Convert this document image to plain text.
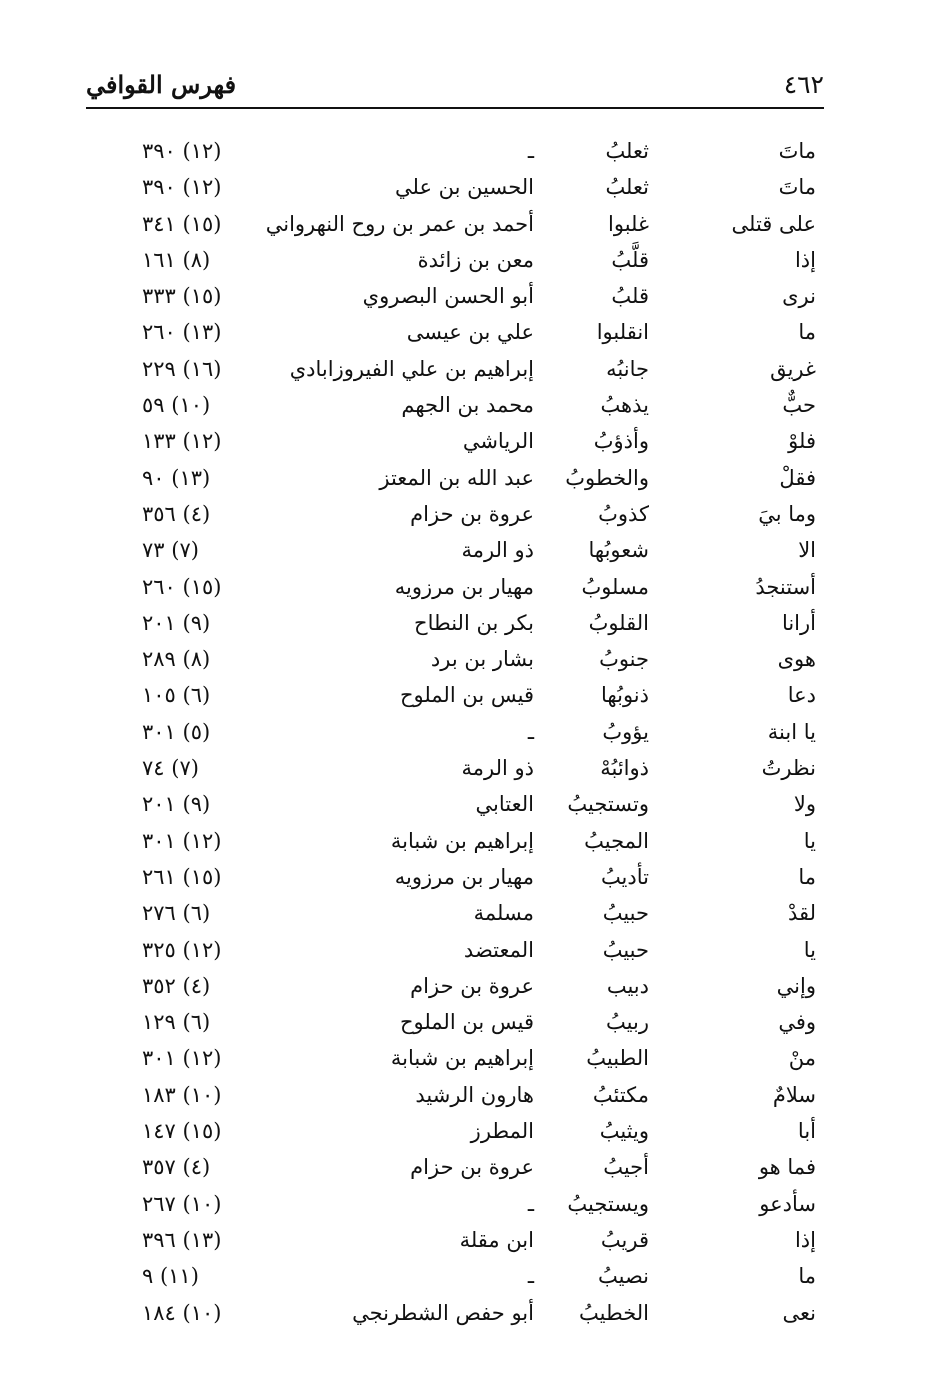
٤٦٢
فهرس القوافي
ماتَ
ثعلبُ
ـ
(١٢) ٣٩٠
ماتَ
ثعلبُ
الحسين بن علي
(١٢) ٣٩٠
على قتلى
غلبوا
أحمد بن عمر بن روح النهرواني
(١٥) ٣٤١
إذا
قلَّبُ
معن بن زائدة
(٨) ١٦١
نرى
قلبُ
أبو الحسن البصروي
(١٥) ٣٣٣
ما
انقلبوا
علي بن عيسى
(١٣) ٢٦٠
غريق
جانبُه
إبراهيم بن علي الفيروزابادي
(١٦) ٢٢٩
حبٌّ
يذهبُ
محمد بن الجهم
(١٠) ٥٩
فلوْ
وأذؤبُ
الرياشي
(١٢) ١٣٣
فقلْ
والخطوبُ
عبد الله بن المعتز
(١٣) ٩٠
وما بيَ
كذوبُ
عروة بن حزام
(٤) ٣٥٦
الا
شعوبُها
ذو الرمة
(٧) ٧٣
أستنجدُ
مسلوبُ
مهيار بن مرزويه
(١٥) ٢٦٠
أرانا
القلوبُ
بكر بن النطاح
(٩) ٢٠١
هوى
جنوبُ
بشار بن برد
(٨) ٢٨٩
دعا
ذنوبُها
قيس بن الملوح
(٦) ١٠٥
يا ابنة
يؤوبُ
ـ
(٥) ٣٠١
نظرتُ
ذوائبُهْ
ذو الرمة
(٧) ٧٤
ولا
وتستجيبُ
العتابي
(٩) ٢٠١
يا
المجيبُ
إبراهيم بن شبابة
(١٢) ٣٠١
ما
تأديبُ
مهيار بن مرزويه
(١٥) ٢٦١
لقدْ
حبيبُ
مسلمة
(٦) ٢٧٦
يا
حبيبُ
المعتضد
(١٢) ٣٢٥
وإني
دبيب
عروة بن حزام
(٤) ٣٥٢
وفي
ربيبُ
قيس بن الملوح
(٦) ١٢٩
منْ
الطبيبُ
إبراهيم بن شبابة
(١٢) ٣٠١
سلامٌ
مكتئبُ
هارون الرشيد
(١٠) ١٨٣
أبا
ويثيبُ
المطرز
(١٥) ١٤٧
فما هو
أجيبُ
عروة بن حزام
(٤) ٣٥٧
سأدعو
ويستجيبُ
ـ
(١٠) ٢٦٧
إذا
قريبُ
ابن مقلة
(١٣) ٣٩٦
ما
نصيبُ
ـ
(١١) ٩
نعى
الخطيبُ
أبو حفص الشطرنجي
(١٠) ١٨٤
